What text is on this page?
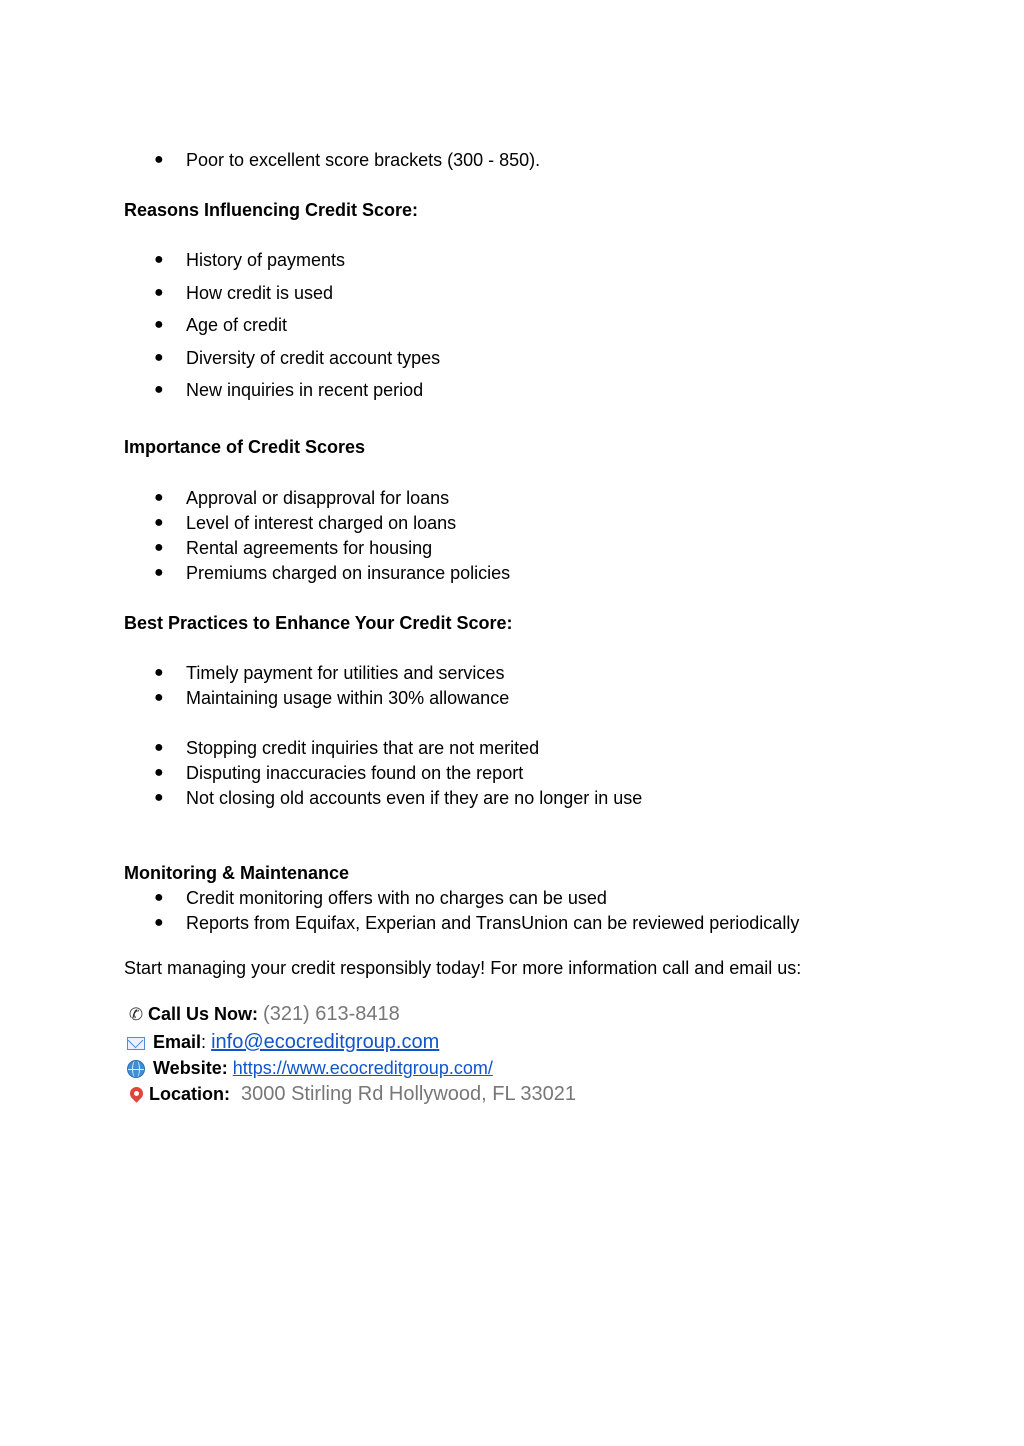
● Poor to excellent score brackets (300 - 850).
Reasons Influencing Credit Score:
● History of payments
● How credit is used
● Age of credit
● Diversity of credit account types
● New inquiries in recent period
Importance of Credit Scores
● Approval or disapproval for loans
● Level of interest charged on loans
● Rental agreements for housing
● Premiums charged on insurance policies
Best Practices to Enhance Your Credit Score:
● Timely payment for utilities and services
● Maintaining usage within 30% allowance
● Stopping credit inquiries that are not merited
● Disputing inaccuracies found on the report
● Not closing old accounts even if they are no longer in use
Monitoring & Maintenance
● Credit monitoring offers with no charges can be used
● Reports from Equifax, Experian and TransUnion can be reviewed periodically
Start managing your credit responsibly today! For more information call and email us:
✆ Call Us Now: (321) 613-8418
Email: info@ecocreditgroup.com
Website: https://www.ecocreditgroup.com/
Location: 3000 Stirling Rd Hollywood, FL 33021
